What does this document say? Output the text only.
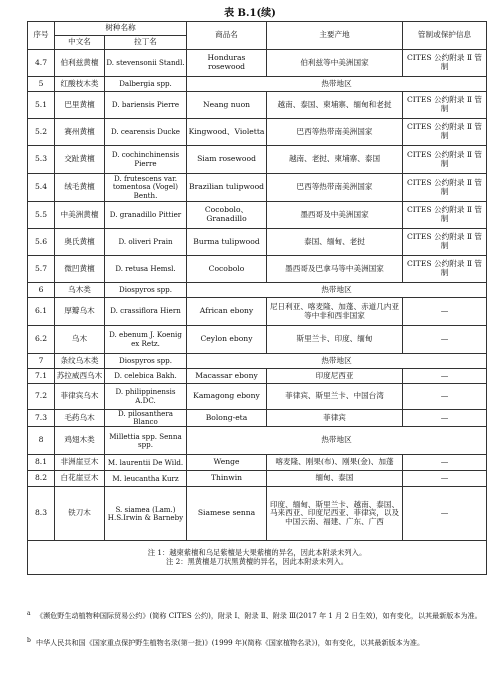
表 B.1(续)
序号	树种名称		商品名	主要产地	管制或保护信息
	中文名	拉丁名			
4.7	伯利兹黄檀	D. stevensonii Standl.	Honduras rosewood	伯利兹等中美洲国家	CITES 公约附录 Ⅱ 管制
5	红酸枝木类	Dalbergia spp.	热带地区		
5.1	巴里黄檀	D. bariensis Pierre	Neang nuon	越南、泰国、柬埔寨、缅甸和老挝	CITES 公约附录 Ⅱ 管制
5.2	赛州黄檀	D. cearensis Ducke	Kingwood、Violetta	巴西等热带南美洲国家	CITES 公约附录 Ⅱ 管制
5.3	交趾黄檀	D. cochinchinensis Pierre	Siam rosewood	越南、老挝、柬埔寨、泰国	CITES 公约附录 Ⅱ 管制
5.4	绒毛黄檀	D. frutescens var. tomentosa (Vogel) Benth.	Brazilian tulipwood	巴西等热带南美洲国家	CITES 公约附录 Ⅱ 管制
5.5	中美洲黄檀	D. granadillo Pittier	Cocobolo、Granadillo	墨西哥及中美洲国家	CITES 公约附录 Ⅱ 管制
5.6	奥氏黄檀	D. oliveri Prain	Burma tulipwood	泰国、缅甸、老挝	CITES 公约附录 Ⅱ 管制
5.7	微凹黄檀	D. retusa Hemsl.	Cocobolo	墨西哥及巴拿马等中美洲国家	CITES 公约附录 Ⅱ 管制
6	乌木类	Diospyros spp.	热带地区		
6.1	厚瓣乌木	D. crassiflora Hiern	African ebony	尼日利亚、喀麦隆、加蓬、赤道几内亚等中非和西非国家	—
6.2	乌木	D. ebenum J. Koenig ex Retz.	Ceylon ebony	斯里兰卡、印度、缅甸	—
7	条纹乌木类	Diospyros spp.	热带地区		
7.1	苏拉威西乌木	D. celebica Bakh.	Macassar ebony	印度尼西亚	—
7.2	菲律宾乌木	D. philippinensis A.DC.	Kamagong ebony	菲律宾、斯里兰卡、中国台湾	—
7.3	毛药乌木	D. pilosanthera Blanco	Bolong-eta	菲律宾	—
8	鸡翅木类	Millettia spp. Senna spp.	热带地区		
8.1	非洲崖豆木	M. laurentii De Wild.	Wenge	喀麦隆、刚果(布)、刚果(金)、加蓬	—
8.2	白花崖豆木	M. leucantha Kurz	Thinwin	缅甸、泰国	—
8.3	铁刀木	S. siamea (Lam.) H.S.Irwin & Barneby	Siamese senna	印度、缅甸、斯里兰卡、越南、泰国、马来西亚、印度尼西亚、菲律宾，以及中国云南、福建、广东、广西	—

注 1：越柬紫檀和乌足紫檀是大果紫檀的异名，因此本附录未列入。
注 2：黑黄檀是刀状黑黄檀的异名，因此本附录未列入。					
a 《濒危野生动植物种国际贸易公约》(简称 CITES 公约)，附录 Ⅰ、附录 Ⅱ、附录 Ⅲ(2017 年 1 月 2 日生效)，如有变化，以其最新版本为准。
b 中华人民共和国《国家重点保护野生植物名录(第一批)》(1999 年)(简称《国家植物名录》)，如有变化，以其最新版本为准。
